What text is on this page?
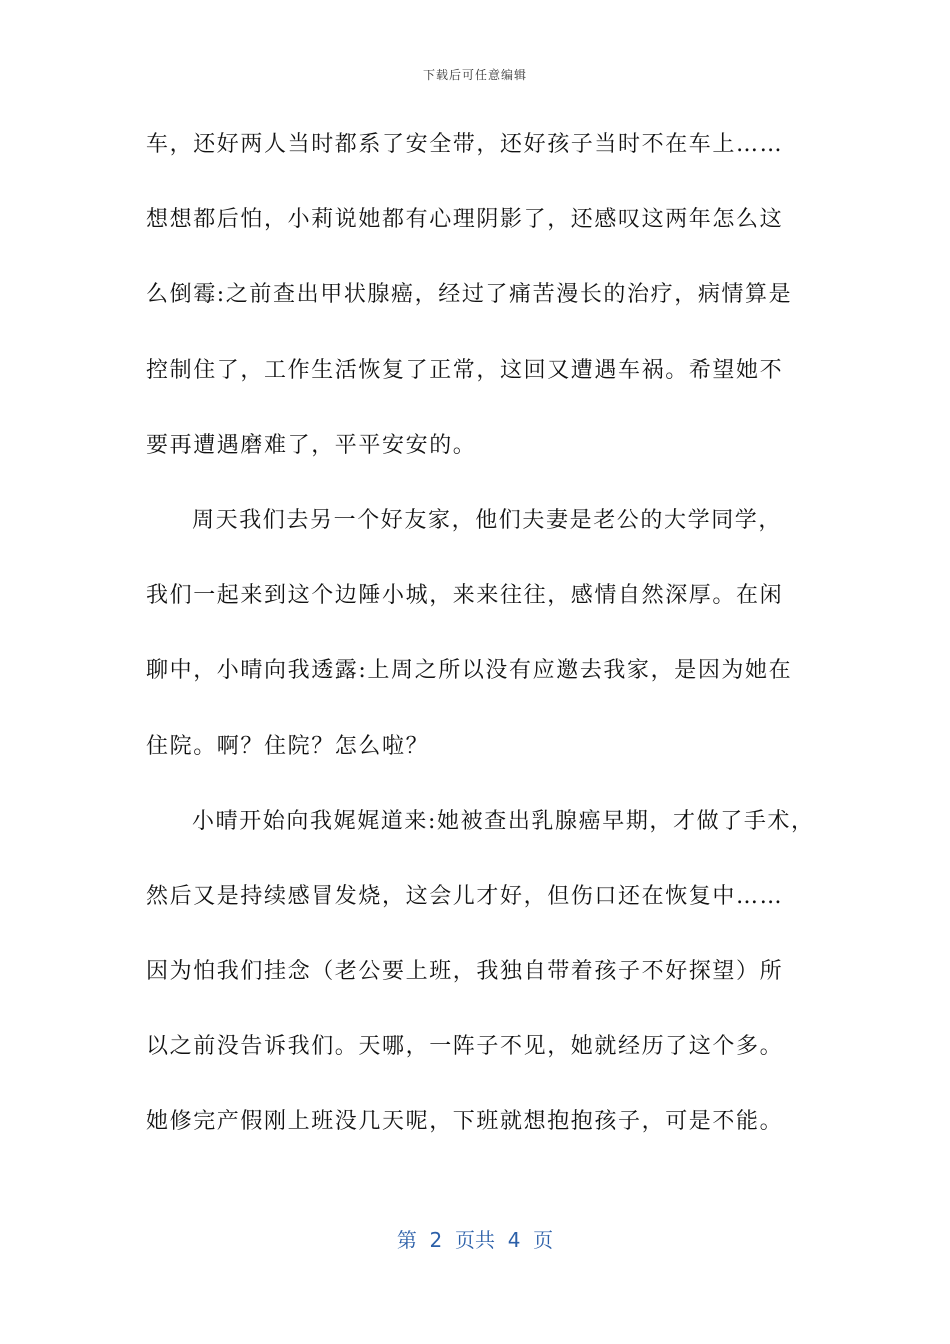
下载后可任意编辑
车，还好两人当时都系了安全带，还好孩子当时不在车上……
想想都后怕，小莉说她都有心理阴影了，还感叹这两年怎么这
么倒霉:之前查出甲状腺癌，经过了痛苦漫长的治疗，病情算是
控制住了，工作生活恢复了正常，这回又遭遇车祸。希望她不
要再遭遇磨难了，平平安安的。
周天我们去另一个好友家，他们夫妻是老公的大学同学，
我们一起来到这个边陲小城，来来往往，感情自然深厚。在闲
聊中，小晴向我透露:上周之所以没有应邀去我家，是因为她在
住院。啊？住院？怎么啦？
小晴开始向我娓娓道来:她被查出乳腺癌早期，才做了手术，
然后又是持续感冒发烧，这会儿才好，但伤口还在恢复中……
因为怕我们挂念（老公要上班，我独自带着孩子不好探望）所
以之前没告诉我们。天哪，一阵子不见，她就经历了这个多。
她修完产假刚上班没几天呢，下班就想抱抱孩子，可是不能。
第  2  页共  4  页
